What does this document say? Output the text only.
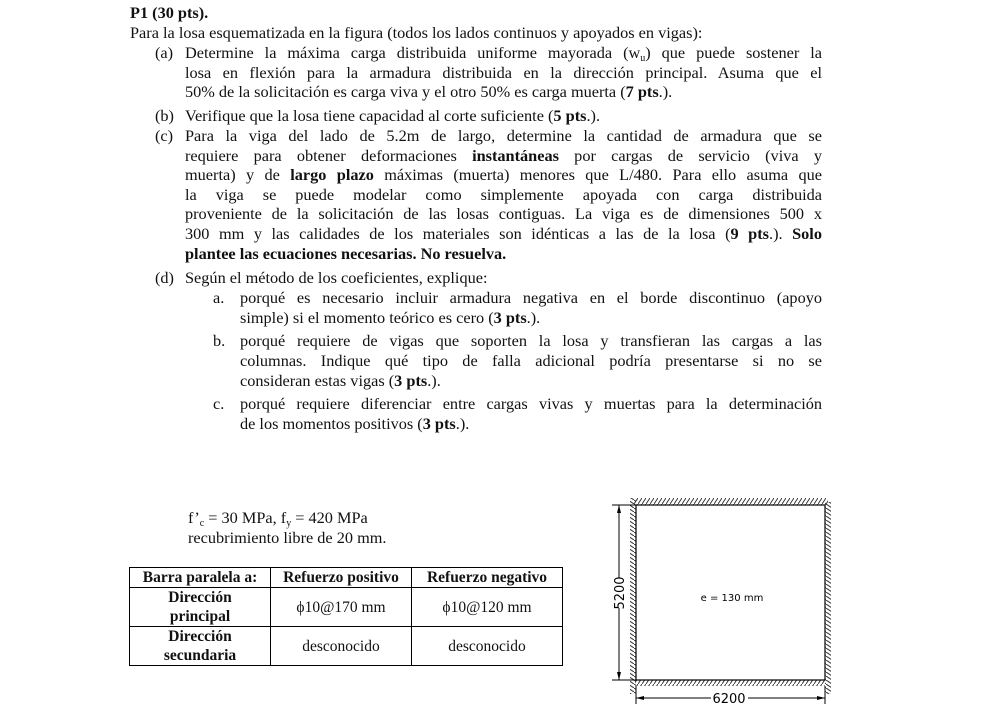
P1 (30 pts).
Para la losa esquematizada en la figura (todos los lados continuos y apoyados en vigas):
(a) Determine la máxima carga distribuida uniforme mayorada $(w_u)$ que puede sostener la
losa en flexión para la armadura distribuida en la dirección principal. Asuma que el
50% de la solicitación es carga viva y el otro 50% es carga muerta (7 pts.).
(b) Verifique que la losa tiene capacidad al corte suficiente (5 pts.).
(c) Para la viga del lado de 5.2m de largo, determine la cantidad de armadura que se
requiere para obtener deformaciones instantáneas por cargas de servicio (viva y
muerta) y de largo plazo máximas (muerta) menores que L/480. Para ello asuma que
la viga se puede modelar como simplemente apoyada con carga distribuida
proveniente de la solicitación de las losas contiguas. La viga es de dimensiones 500 x
300 mm y las calidades de los materiales son idénticas a las de la losa (9 pts.). Solo
plantee las ecuaciones necesarias. No resuelva.
(d) Según el método de los coeficientes, explique:
a. porqué es necesario incluir armadura negativa en el borde discontinuo (apoyo
simple) si el momento teórico es cero (3 pts.).
b. porqué requiere de vigas que soporten la losa y transfieran las cargas a las
columnas. Indique qué tipo de falla adicional podría presentarse si no se
consideran estas vigas (3 pts.).
c. porqué requiere diferenciar entre cargas vivas y muertas para la determinación
de los momentos positivos (3 pts.).
$f’_c = 30$ MPa, $f_y = 420$ MPa
recubrimiento libre de 20 mm.
Barra paralela a:	Refuerzo positivo	Refuerzo negativo
Dirección
principal	ϕ10@170 mm	ϕ10@120 mm
Dirección
secundaria	desconocido	desconocido
5200
6200
e = 130 mm
